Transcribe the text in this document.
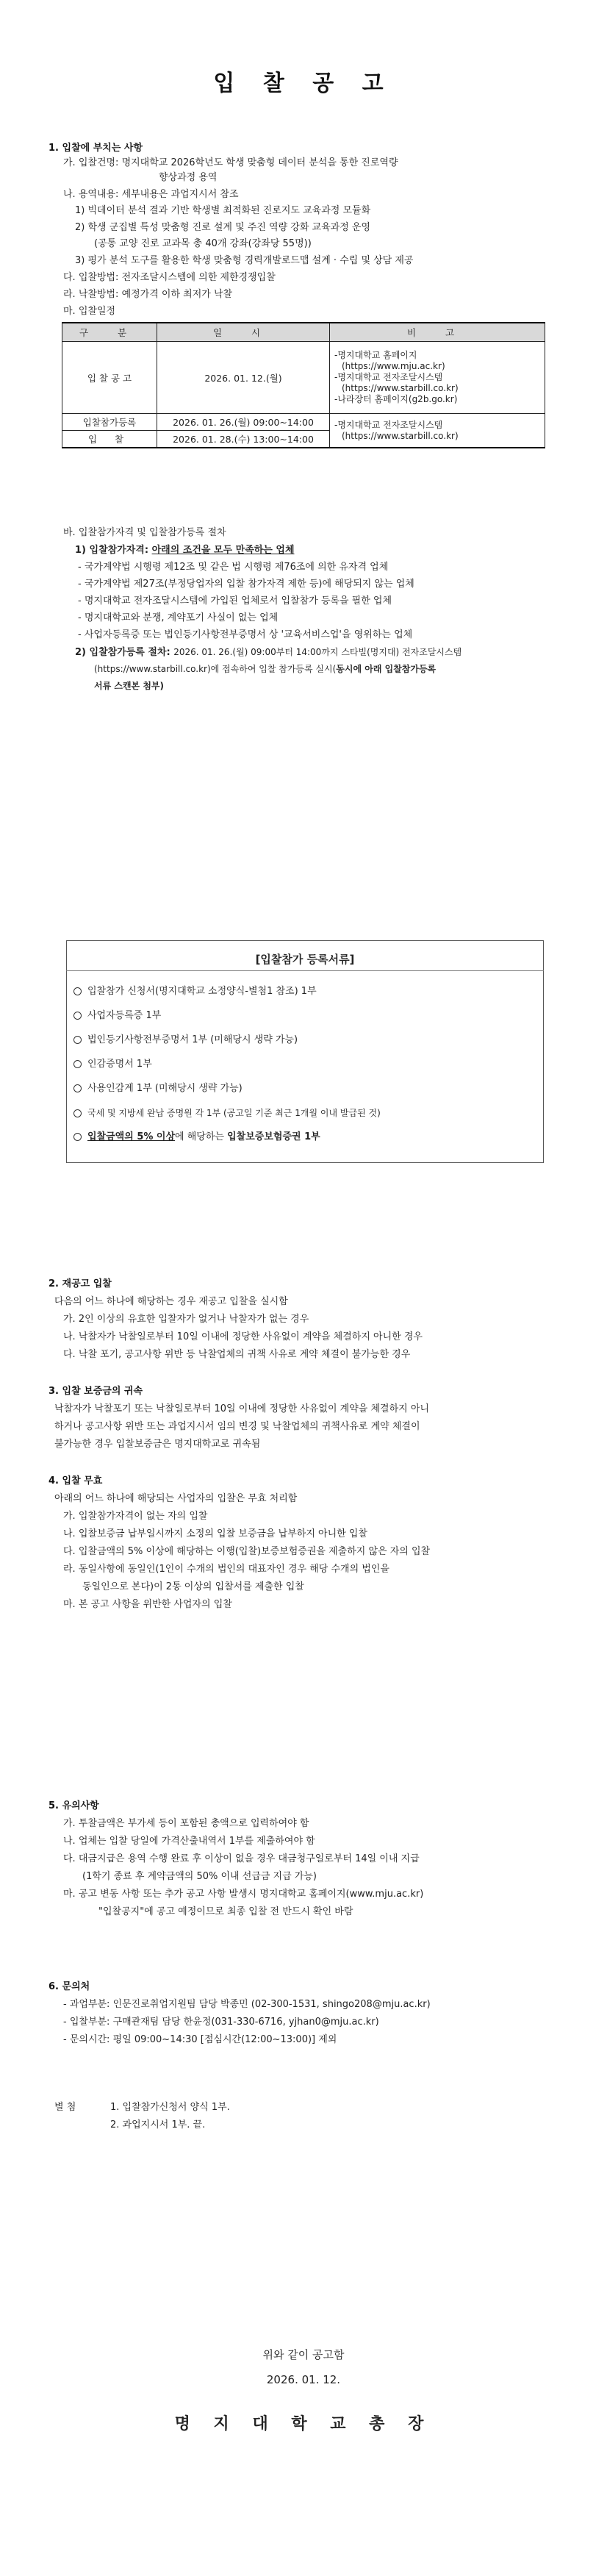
입 찰 공 고
1. 입찰에 부치는 사항
가. 입찰건명: 명지대학교 2026학년도 학생 맞춤형 데이터 분석을 통한 진로역량
향상과정 용역
나. 용역내용: 세부내용은 과업지시서 참조
1) 빅데이터 분석 결과 기반 학생별 최적화된 진로지도 교육과정 모듈화
2) 학생 군집별 특성 맞춤형 진로 설계 및 주진 역량 강화 교육과정 운영
(공통 교양 진로 교과목 총 40개 강좌(강좌당 55명))
3) 평가 분석 도구를 활용한 학생 맞춤형 경력개발로드맵 설계 · 수립 및 상담 제공
다. 입찰방법: 전자조달시스템에 의한 제한경쟁입찰
라. 낙찰방법: 예정가격 이하 최저가 낙찰
마. 입찰일정
구 분	일 시	비 고
입 찰 공 고	2026. 01. 12.(월)	-명지대학교 홈페이지
(https://www.mju.ac.kr)
-명지대학교 전자조달시스템
(https://www.starbill.co.kr)
-나라장터 홈페이지(g2b.go.kr)

입찰참가등록	2026. 01. 26.(월) 09:00~14:00	-명지대학교 전자조달시스템
(https://www.starbill.co.kr)

입 찰	2026. 01. 28.(수) 13:00~14:00	
바. 입찰참가자격 및 입찰참가등록 절차
1) 입찰참가자격: 아래의 조건을 모두 만족하는 업체
- 국가계약법 시행령 제12조 및 같은 법 시행령 제76조에 의한 유자격 업체
- 국가계약법 제27조(부정당업자의 입찰 참가자격 제한 등)에 해당되지 않는 업체
- 명지대학교 전자조달시스템에 가입된 업체로서 입찰참가 등록을 필한 업체
- 명지대학교와 분쟁, 계약포기 사실이 없는 업체
- 사업자등록증 또는 법인등기사항전부증명서 상 '교육서비스업'을 영위하는 업체
2) 입찰참가등록 절차: 2026. 01. 26.(월) 09:00부터 14:00까지 스타빌(명지대) 전자조달시스템
(https://www.starbill.co.kr)에 접속하여 입찰 참가등록 실시(동시에 아래 입찰참가등록
서류 스캔본 첨부)
[입찰참가 등록서류]
입찰참가 신청서(명지대학교 소정양식-별첨1 참조) 1부
사업자등록증 1부
법인등기사항전부증명서 1부 (미해당시 생략 가능)
인감증명서 1부
사용인감계 1부 (미해당시 생략 가능)
국세 및 지방세 완납 증명원 각 1부 (공고일 기준 최근 1개월 이내 발급된 것)
입찰금액의 5% 이상에 해당하는 입찰보증보험증권 1부
2. 재공고 입찰
다음의 어느 하나에 해당하는 경우 재공고 입찰을 실시함
가. 2인 이상의 유효한 입찰자가 없거나 낙찰자가 없는 경우
나. 낙찰자가 낙찰일로부터 10일 이내에 정당한 사유없이 계약을 체결하지 아니한 경우
다. 낙찰 포기, 공고사항 위반 등 낙찰업체의 귀책 사유로 계약 체결이 불가능한 경우
3. 입찰 보증금의 귀속
낙찰자가 낙찰포기 또는 낙찰일로부터 10일 이내에 정당한 사유없이 계약을 체결하지 아니
하거나 공고사항 위반 또는 과업지시서 임의 변경 및 낙찰업체의 귀책사유로 계약 체결이
불가능한 경우 입찰보증금은 명지대학교로 귀속됨
4. 입찰 무효
아래의 어느 하나에 해당되는 사업자의 입찰은 무효 처리함
가. 입찰참가자격이 없는 자의 입찰
나. 입찰보증금 납부일시까지 소정의 입찰 보증금을 납부하지 아니한 입찰
다. 입찰금액의 5% 이상에 해당하는 이행(입찰)보증보험증권을 제출하지 않은 자의 입찰
라. 동일사항에 동일인(1인이 수개의 법인의 대표자인 경우 해당 수개의 법인을
동일인으로 본다)이 2통 이상의 입찰서를 제출한 입찰
마. 본 공고 사항을 위반한 사업자의 입찰
5. 유의사항
가. 투찰금액은 부가세 등이 포함된 총액으로 입력하여야 함
나. 업체는 입찰 당일에 가격산출내역서 1부를 제출하여야 함
다. 대금지급은 용역 수행 완료 후 이상이 없을 경우 대금청구일로부터 14일 이내 지급
(1학기 종료 후 계약금액의 50% 이내 선급금 지급 가능)
마. 공고 변동 사항 또는 추가 공고 사항 발생시 명지대학교 홈페이지(www.mju.ac.kr)
"입찰공지"에 공고 예정이므로 최종 입찰 전 반드시 확인 바람
6. 문의처
- 과업부분: 인문진로취업지원팀 담당 박종민 (02-300-1531, shingo208@mju.ac.kr)
- 입찰부분: 구매관재팀 담당 한윤정(031-330-6716, yjhan0@mju.ac.kr)
- 문의시간: 평일 09:00~14:30 [점심시간(12:00~13:00)] 제외
별 첨	1. 입찰참가신청서 양식 1부.
2. 과업지시서 1부. 끝.
위와 같이 공고함
2026. 01. 12.
명 지 대 학 교 총 장
